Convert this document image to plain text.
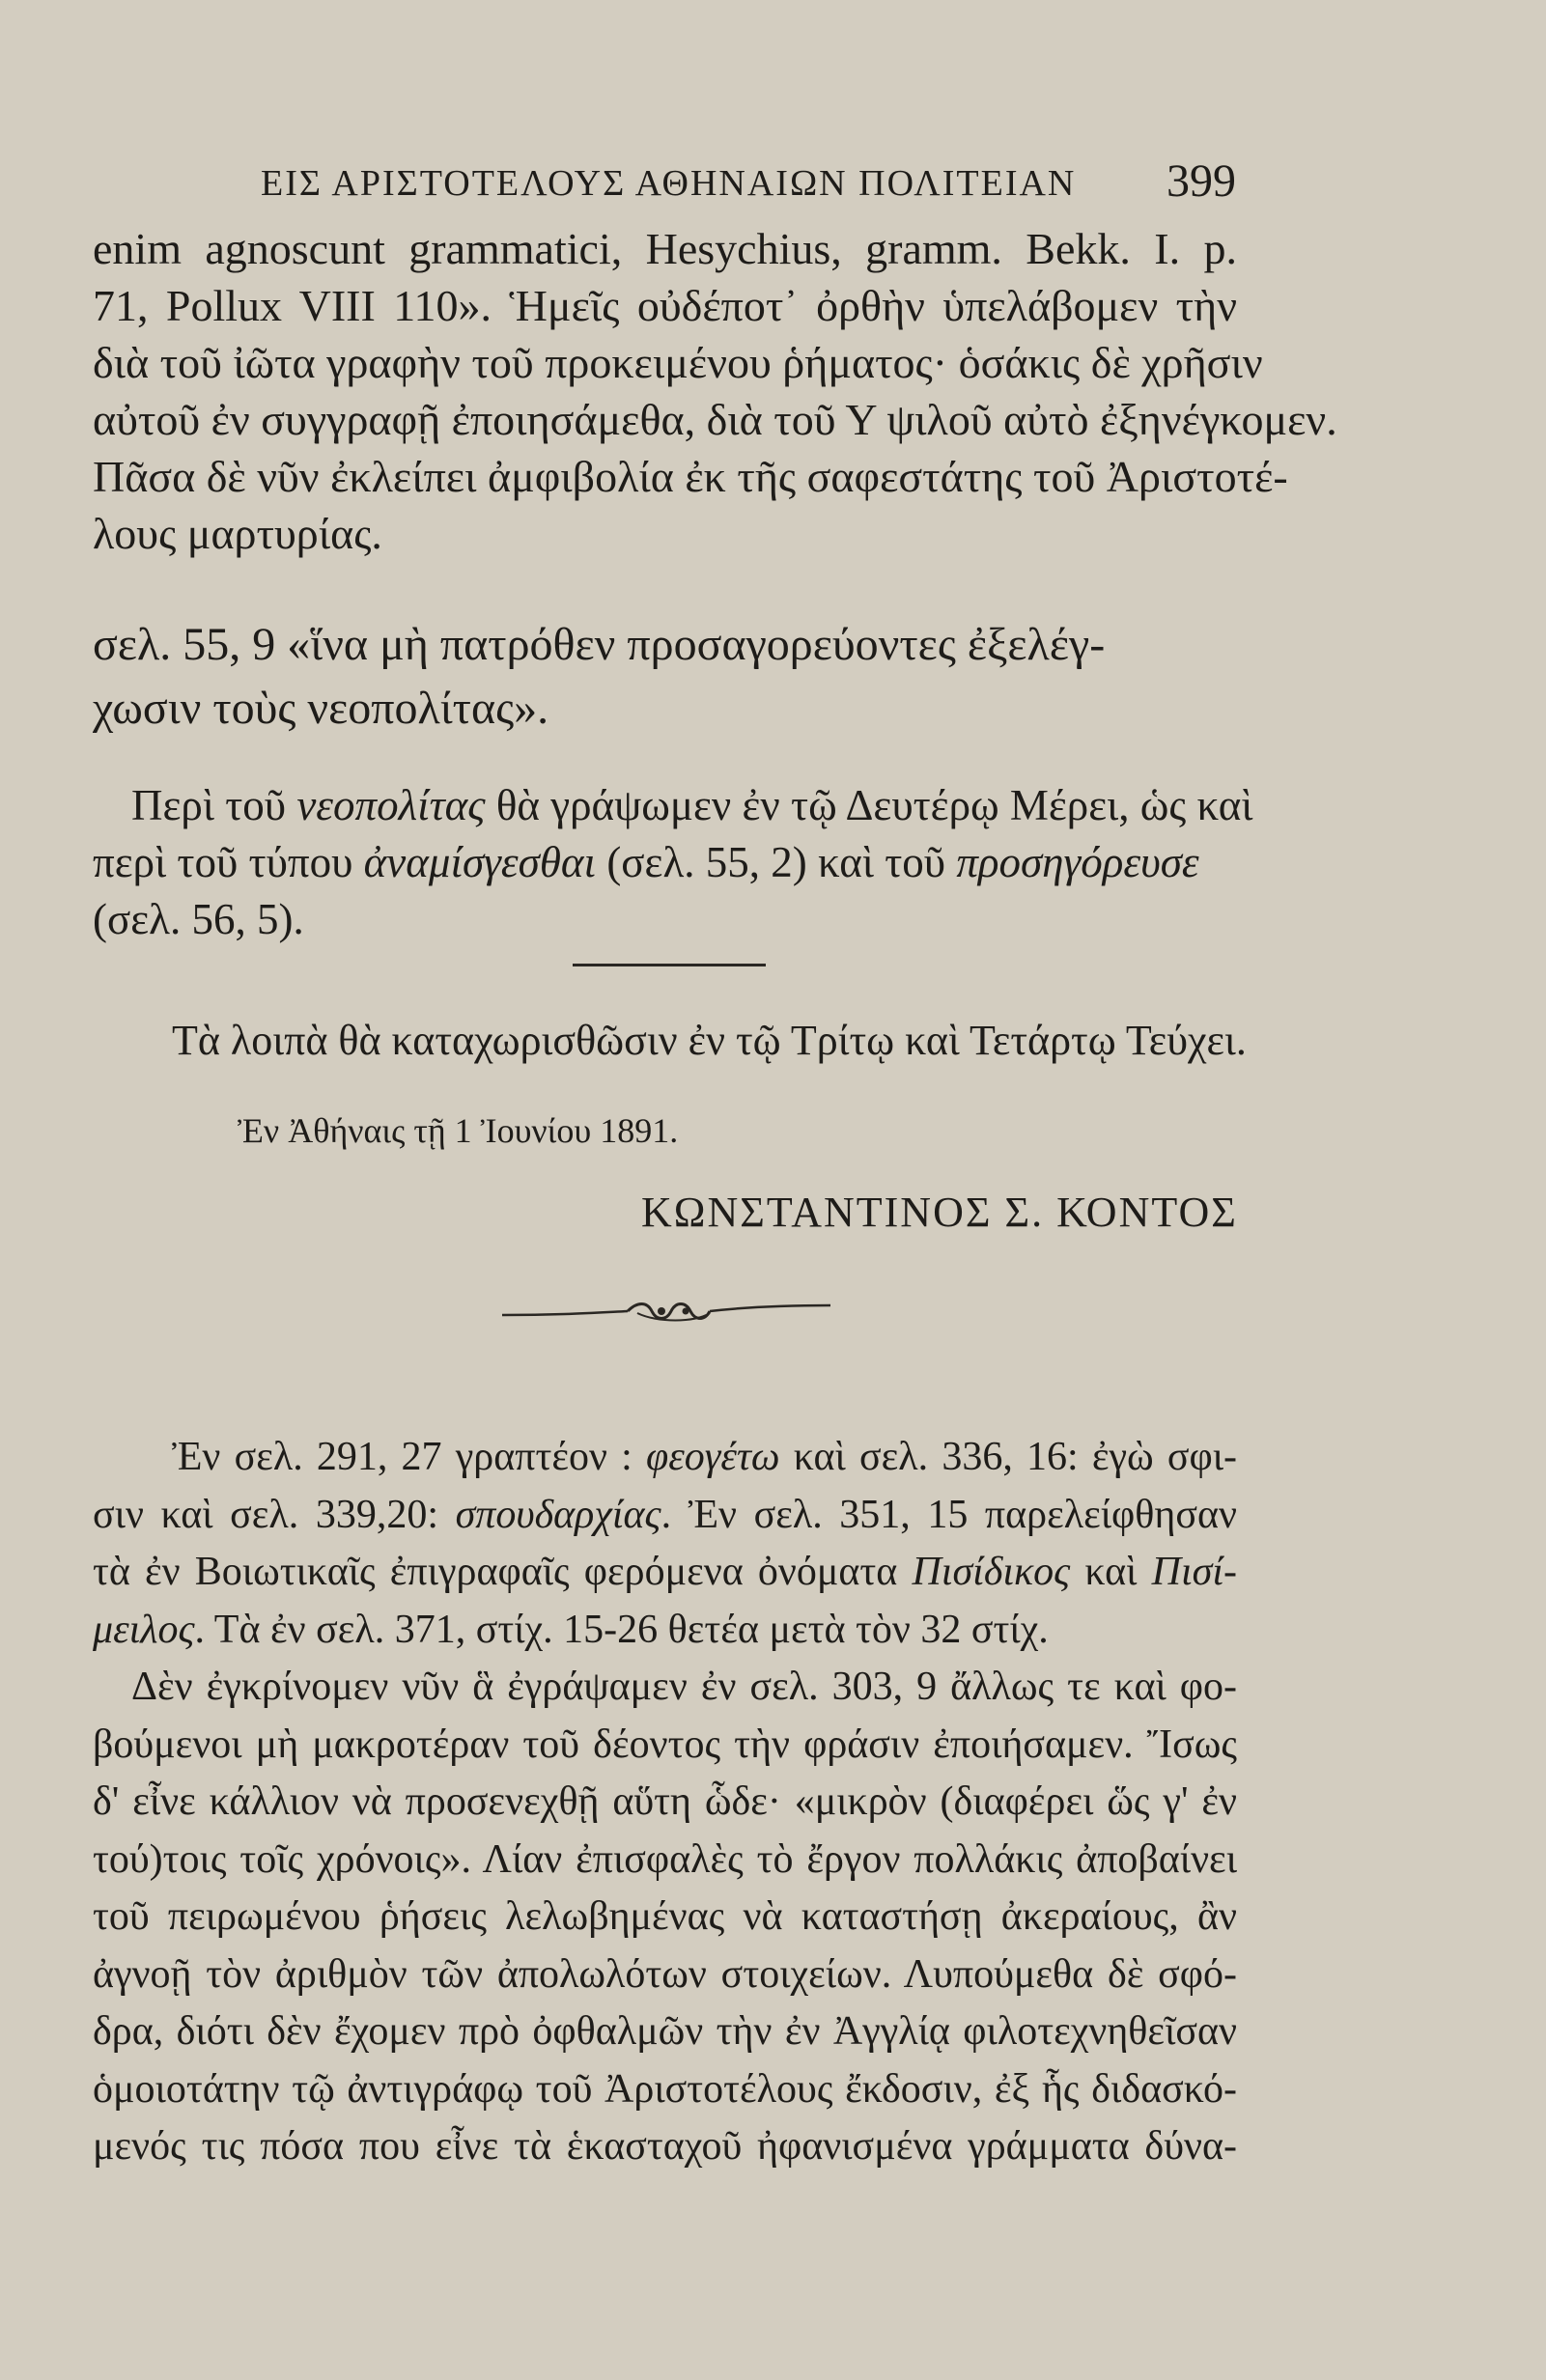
ΕΙΣ ΑΡΙΣΤΟΤΕΛΟΥΣ ΑΘΗΝΑΙΩΝ ΠΟΛΙΤΕΙΑΝ 399
enim agnoscunt grammatici, Hesychius, gramm. Bekk. I. p.
71, Pollux VIII 110». Ἡμεῖς οὐδέποτ᾽ ὀρθὴν ὑπελάβομεν τὴν
διὰ τοῦ ἰῶτα γραφὴν τοῦ προκειμένου ῥήματος· ὁσάκις δὲ χρῆσιν
αὐτοῦ ἐν συγγραφῇ ἐποιησάμεθα, διὰ τοῦ Υ ψιλοῦ αὐτὸ ἐξηνέγκομεν.
Πᾶσα δὲ νῦν ἐκλείπει ἀμφιβολία ἐκ τῆς σαφεστάτης τοῦ Ἀριστοτέ-
λους μαρτυρίας.
σελ. 55, 9 «ἵνα μὴ πατρόθεν προσαγορεύοντες ἐξελέγ-
χωσιν τοὺς νεοπολίτας».
Περὶ τοῦ νεοπολίτας θὰ γράψωμεν ἐν τῷ Δευτέρῳ Μέρει, ὡς καὶ
περὶ τοῦ τύπου ἀναμίσγεσθαι (σελ. 55, 2) καὶ τοῦ προσηγόρευσε
(σελ. 56, 5).
Τὰ λοιπὰ θὰ καταχωρισθῶσιν ἐν τῷ Τρίτῳ καὶ Τετάρτῳ Τεύχει.
Ἐν Ἀθήναις τῇ 1 Ἰουνίου 1891.
ΚΩΝΣΤΑΝΤΙΝΟΣ Σ. ΚΟΝΤΟΣ
Ἐν σελ. 291, 27 γραπτέον : φεογέτω καὶ σελ. 336, 16: ἐγὼ σφι-
σιν καὶ σελ. 339,20: σπουδαρχίας. Ἐν σελ. 351, 15 παρελείφθησαν
τὰ ἐν Βοιωτικαῖς ἐπιγραφαῖς φερόμενα ὀνόματα Πισίδικος καὶ Πισί-
μειλος. Τὰ ἐν σελ. 371, στίχ. 15-26 θετέα μετὰ τὸν 32 στίχ.
Δὲν ἐγκρίνομεν νῦν ἃ ἐγράψαμεν ἐν σελ. 303, 9 ἄλλως τε καὶ φο-
βούμενοι μὴ μακροτέραν τοῦ δέοντος τὴν φράσιν ἐποιήσαμεν. Ἴσως
δ' εἶνε κάλλιον νὰ προσενεχθῇ αὕτη ὧδε· «μικρὸν (διαφέρει ὥς γ' ἐν
τού)τοις τοῖς χρόνοις». Λίαν ἐπισφαλὲς τὸ ἔργον πολλάκις ἀποβαίνει
τοῦ πειρωμένου ῥήσεις λελωβημένας νὰ καταστήσῃ ἀκεραίους, ἂν
ἀγνοῇ τὸν ἀριθμὸν τῶν ἀπολωλότων στοιχείων. Λυπούμεθα δὲ σφό-
δρα, διότι δὲν ἔχομεν πρὸ ὀφθαλμῶν τὴν ἐν Ἀγγλίᾳ φιλοτεχνηθεῖσαν
ὁμοιοτάτην τῷ ἀντιγράφῳ τοῦ Ἀριστοτέλους ἔκδοσιν, ἐξ ἧς διδασκό-
μενός τις πόσα που εἶνε τὰ ἑκασταχοῦ ἠφανισμένα γράμματα δύνα-
